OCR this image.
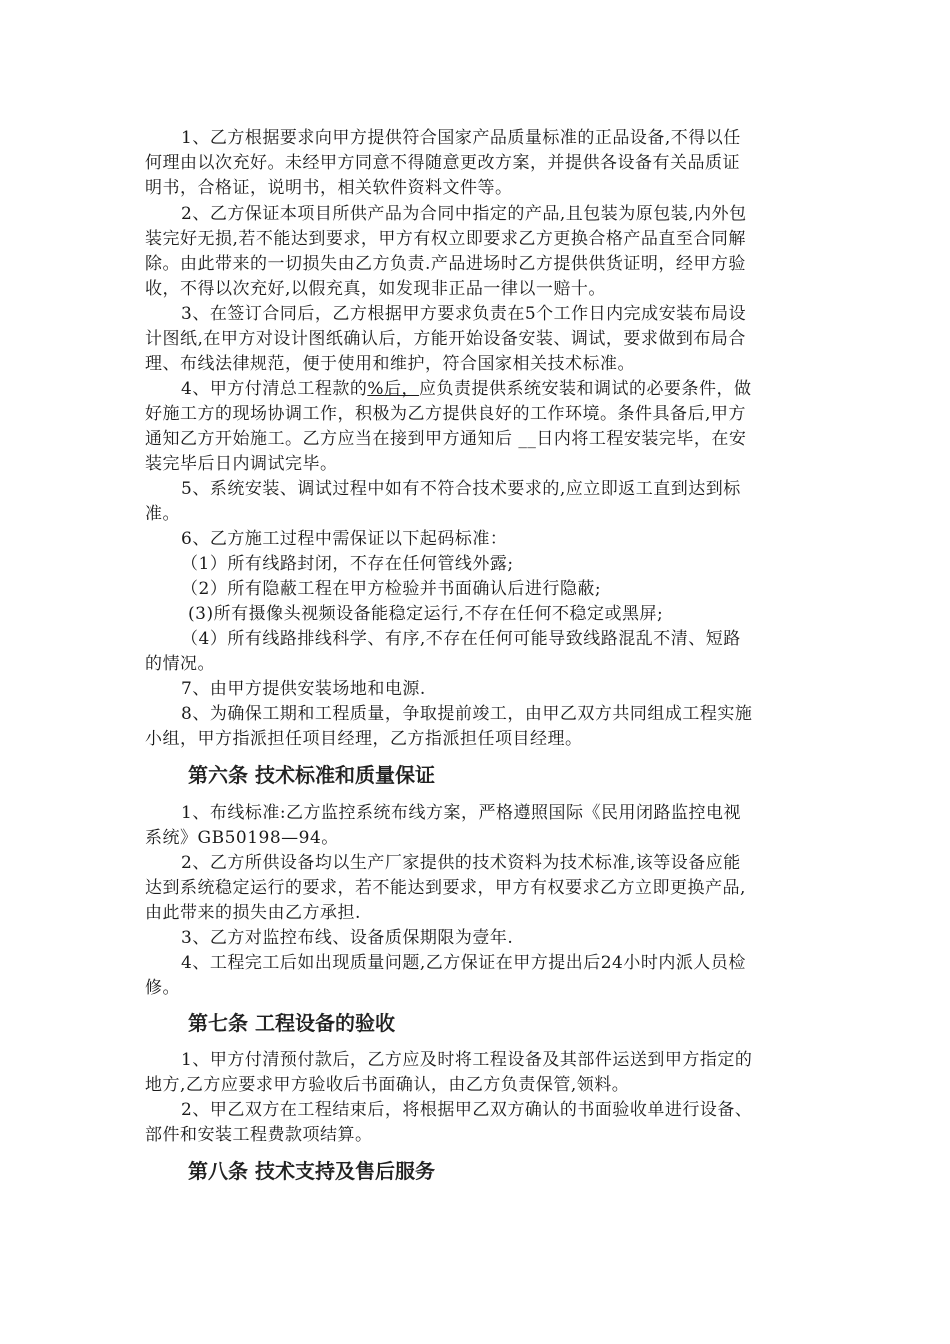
1、乙方根据要求向甲方提供符合国家产品质量标准的正品设备,不得以任
何理由以次充好。未经甲方同意不得随意更改方案，并提供各设备有关品质证
明书，合格证，说明书，相关软件资料文件等。
2、乙方保证本项目所供产品为合同中指定的产品,且包装为原包装,内外包
装完好无损,若不能达到要求，甲方有权立即要求乙方更换合格产品直至合同解
除。由此带来的一切损失由乙方负责.产品进场时乙方提供供货证明，经甲方验
收，不得以次充好,以假充真，如发现非正品一律以一赔十。
3、在签订合同后，乙方根据甲方要求负责在5个工作日内完成安装布局设
计图纸,在甲方对设计图纸确认后，方能开始设备安装、调试，要求做到布局合
理、布线法律规范，便于使用和维护，符合国家相关技术标准。
4、甲方付清总工程款的%后，应负责提供系统安装和调试的必要条件，做
好施工方的现场协调工作，积极为乙方提供良好的工作环境。条件具备后,甲方
通知乙方开始施工。乙方应当在接到甲方通知后 __日内将工程安装完毕，在安
装完毕后日内调试完毕。
5、系统安装、调试过程中如有不符合技术要求的,应立即返工直到达到标
准。
6、乙方施工过程中需保证以下起码标准：
（1）所有线路封闭，不存在任何管线外露;
（2）所有隐蔽工程在甲方检验并书面确认后进行隐蔽;
(3)所有摄像头视频设备能稳定运行,不存在任何不稳定或黑屏;
（4）所有线路排线科学、有序,不存在任何可能导致线路混乱不清、短路
的情况。
7、由甲方提供安装场地和电源.
8、为确保工期和工程质量，争取提前竣工，由甲乙双方共同组成工程实施
小组，甲方指派担任项目经理，乙方指派担任项目经理。
第六条 技术标准和质量保证
1、布线标准:乙方监控系统布线方案，严格遵照国际《民用闭路监控电视
系统》GB50198—94。
2、乙方所供设备均以生产厂家提供的技术资料为技术标准,该等设备应能
达到系统稳定运行的要求，若不能达到要求，甲方有权要求乙方立即更换产品,
由此带来的损失由乙方承担.
3、乙方对监控布线、设备质保期限为壹年.
4、工程完工后如出现质量问题,乙方保证在甲方提出后24小时内派人员检
修。
第七条 工程设备的验收
1、甲方付清预付款后，乙方应及时将工程设备及其部件运送到甲方指定的
地方,乙方应要求甲方验收后书面确认，由乙方负责保管,领料。
2、甲乙双方在工程结束后，将根据甲乙双方确认的书面验收单进行设备、
部件和安装工程费款项结算。
第八条 技术支持及售后服务
